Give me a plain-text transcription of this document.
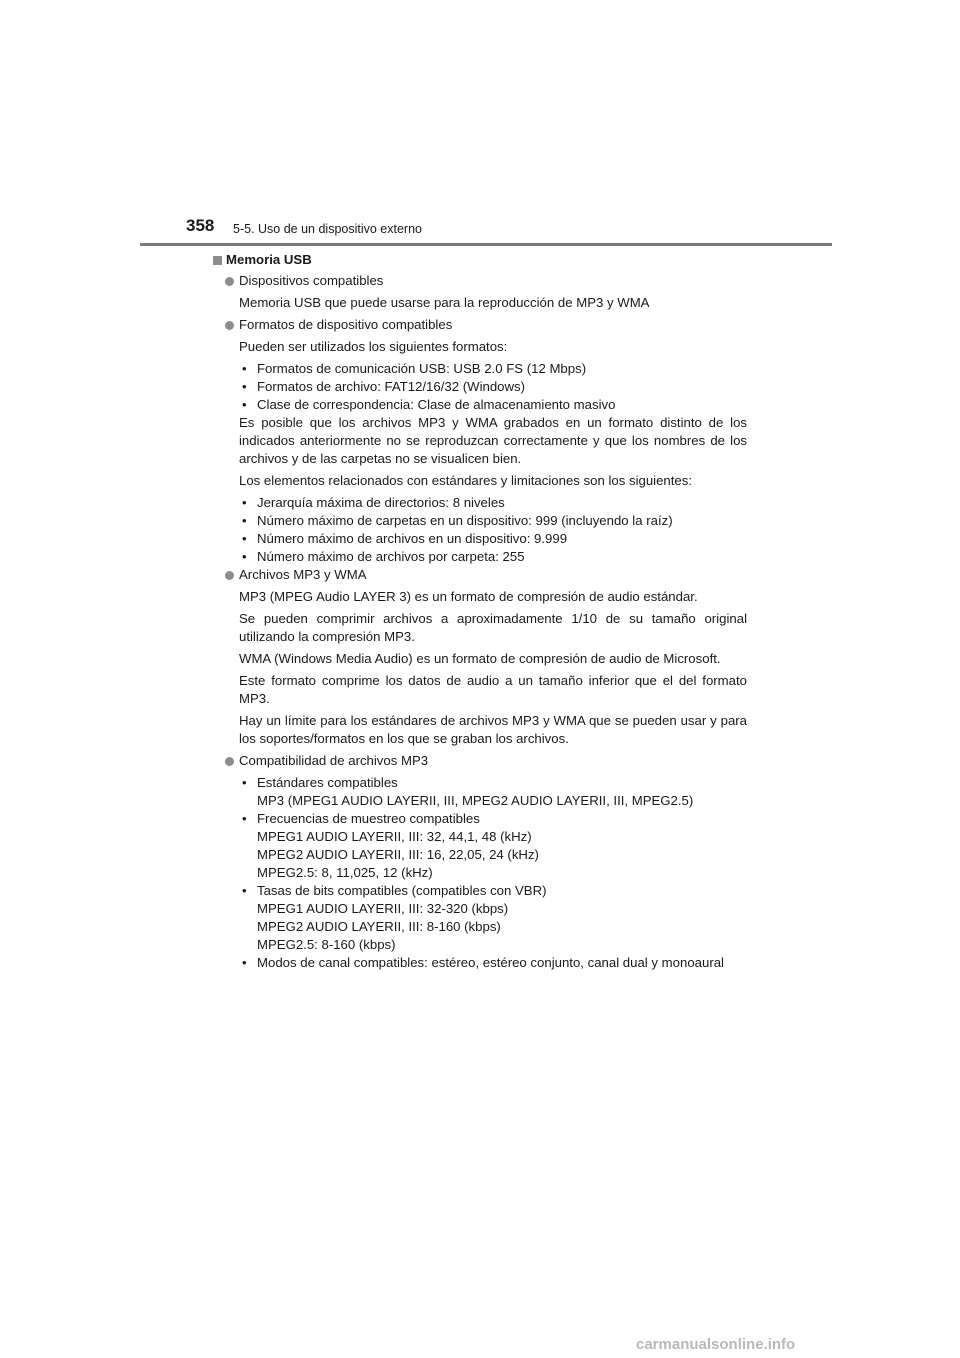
358 5-5. Uso de un dispositivo externo
Memoria USB
Dispositivos compatibles
Memoria USB que puede usarse para la reproducción de MP3 y WMA
Formatos de dispositivo compatibles
Pueden ser utilizados los siguientes formatos:
• Formatos de comunicación USB: USB 2.0 FS (12 Mbps)
• Formatos de archivo: FAT12/16/32 (Windows)
• Clase de correspondencia: Clase de almacenamiento masivo
Es posible que los archivos MP3 y WMA grabados en un formato distinto de los indicados anteriormente no se reproduzcan correctamente y que los nombres de los archivos y de las carpetas no se visualicen bien.
Los elementos relacionados con estándares y limitaciones son los siguientes:
• Jerarquía máxima de directorios: 8 niveles
• Número máximo de carpetas en un dispositivo: 999 (incluyendo la raíz)
• Número máximo de archivos en un dispositivo: 9.999
• Número máximo de archivos por carpeta: 255
Archivos MP3 y WMA
MP3 (MPEG Audio LAYER 3) es un formato de compresión de audio estándar.
Se pueden comprimir archivos a aproximadamente 1/10 de su tamaño original utilizando la compresión MP3.
WMA (Windows Media Audio) es un formato de compresión de audio de Microsoft.
Este formato comprime los datos de audio a un tamaño inferior que el del formato MP3.
Hay un límite para los estándares de archivos MP3 y WMA que se pueden usar y para los soportes/formatos en los que se graban los archivos.
Compatibilidad de archivos MP3
• Estándares compatibles
MP3 (MPEG1 AUDIO LAYERII, III, MPEG2 AUDIO LAYERII, III, MPEG2.5)
• Frecuencias de muestreo compatibles
MPEG1 AUDIO LAYERII, III: 32, 44,1, 48 (kHz)
MPEG2 AUDIO LAYERII, III: 16, 22,05, 24 (kHz)
MPEG2.5: 8, 11,025, 12 (kHz)
• Tasas de bits compatibles (compatibles con VBR)
MPEG1 AUDIO LAYERII, III: 32-320 (kbps)
MPEG2 AUDIO LAYERII, III: 8-160 (kbps)
MPEG2.5: 8-160 (kbps)
• Modos de canal compatibles: estéreo, estéreo conjunto, canal dual y monoaural
carmanualsonline.info
